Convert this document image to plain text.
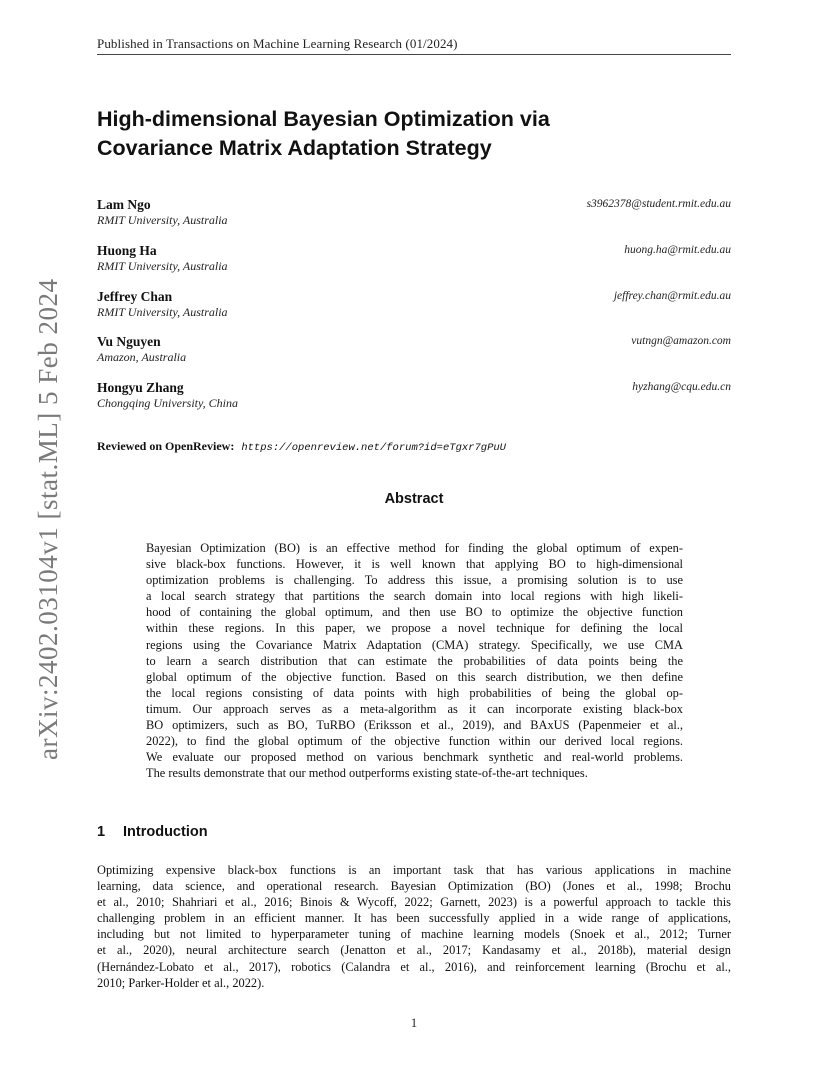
Published in Transactions on Machine Learning Research (01/2024)
arXiv:2402.03104v1 [stat.ML] 5 Feb 2024
High-dimensional Bayesian Optimization via
Covariance Matrix Adaptation Strategy
Lam Ngo
RMIT University, Australia
s3962378@student.rmit.edu.au
Huong Ha
RMIT University, Australia
huong.ha@rmit.edu.au
Jeffrey Chan
RMIT University, Australia
jeffrey.chan@rmit.edu.au
Vu Nguyen
Amazon, Australia
vutngn@amazon.com
Hongyu Zhang
Chongqing University, China
hyzhang@cqu.edu.cn
Reviewed on OpenReview: https://openreview.net/forum?id=eTgxr7gPuU
Abstract
Bayesian Optimization (BO) is an effective method for finding the global optimum of expen-
sive black-box functions. However, it is well known that applying BO to high-dimensional
optimization problems is challenging. To address this issue, a promising solution is to use
a local search strategy that partitions the search domain into local regions with high likeli-
hood of containing the global optimum, and then use BO to optimize the objective function
within these regions. In this paper, we propose a novel technique for defining the local
regions using the Covariance Matrix Adaptation (CMA) strategy. Specifically, we use CMA
to learn a search distribution that can estimate the probabilities of data points being the
global optimum of the objective function. Based on this search distribution, we then define
the local regions consisting of data points with high probabilities of being the global op-
timum. Our approach serves as a meta-algorithm as it can incorporate existing black-box
BO optimizers, such as BO, TuRBO (Eriksson et al., 2019), and BAxUS (Papenmeier et al.,
2022), to find the global optimum of the objective function within our derived local regions.
We evaluate our proposed method on various benchmark synthetic and real-world problems.
The results demonstrate that our method outperforms existing state-of-the-art techniques.
1 Introduction
Optimizing expensive black-box functions is an important task that has various applications in machine
learning, data science, and operational research. Bayesian Optimization (BO) (Jones et al., 1998; Brochu
et al., 2010; Shahriari et al., 2016; Binois & Wycoff, 2022; Garnett, 2023) is a powerful approach to tackle this
challenging problem in an efficient manner. It has been successfully applied in a wide range of applications,
including but not limited to hyperparameter tuning of machine learning models (Snoek et al., 2012; Turner
et al., 2020), neural architecture search (Jenatton et al., 2017; Kandasamy et al., 2018b), material design
(Hernández-Lobato et al., 2017), robotics (Calandra et al., 2016), and reinforcement learning (Brochu et al.,
2010; Parker-Holder et al., 2022).
1
